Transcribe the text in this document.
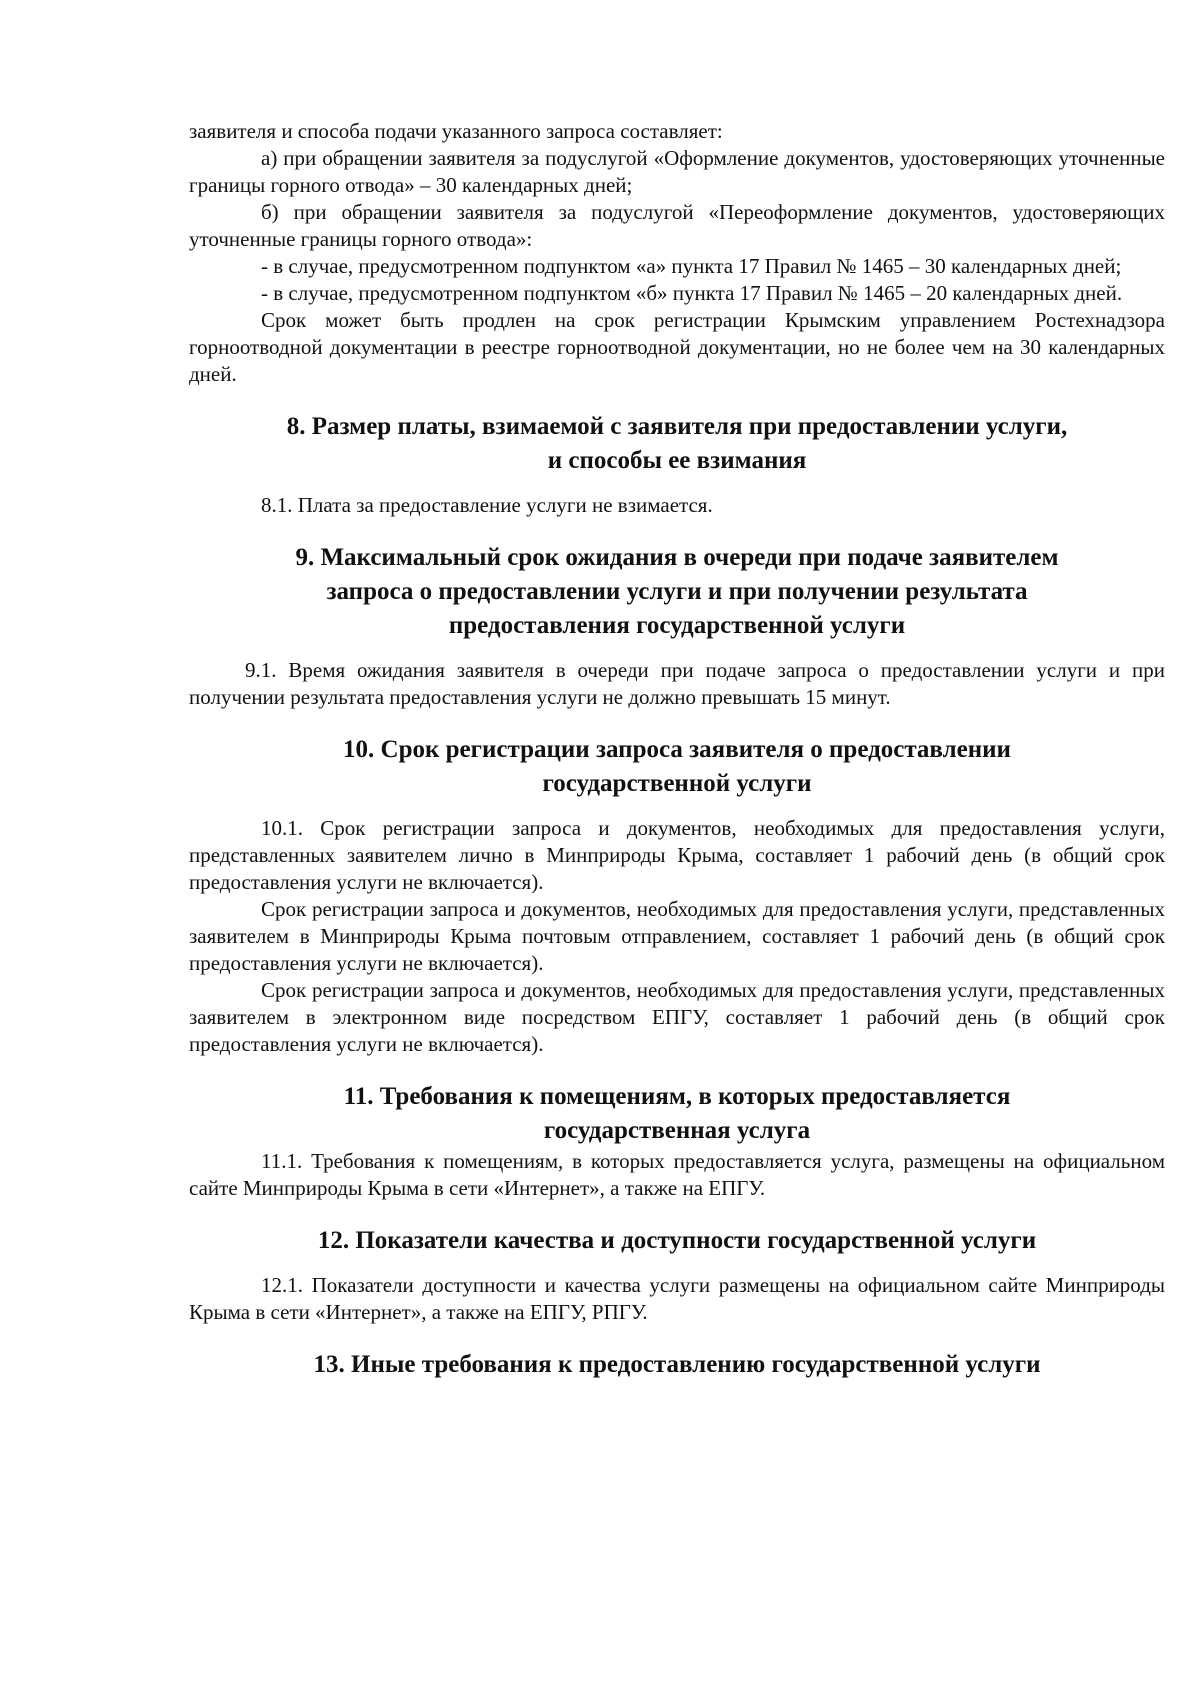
заявителя и способа подачи указанного запроса составляет:

а) при обращении заявителя за подуслугой «Оформление документов, удостоверяющих уточненные границы горного отвода» – 30 календарных дней;

б) при обращении заявителя за подуслугой «Переоформление документов, удостоверяющих уточненные границы горного отвода»:

- в случае, предусмотренном подпунктом «а» пункта 17 Правил № 1465 – 30 календарных дней;

- в случае, предусмотренном подпунктом «б» пункта 17 Правил № 1465 – 20 календарных дней.

Срок может быть продлен на срок регистрации Крымским управлением Ростехнадзора горноотводной документации в реестре горноотводной документации, но не более чем на 30 календарных дней.

8. Размер платы, взимаемой с заявителя при предоставлении услуги,
и способы ее взимания

8.1. Плата за предоставление услуги не взимается.

9. Максимальный срок ожидания в очереди при подаче заявителем
запроса о предоставлении услуги и при получении результата
предоставления государственной услуги

9.1. Время ожидания заявителя в очереди при подаче запроса о предоставлении услуги и при получении результата предоставления услуги не должно превышать 15 минут.

10. Срок регистрации запроса заявителя о предоставлении
государственной услуги

10.1. Срок регистрации запроса и документов, необходимых для предоставления услуги, представленных заявителем лично в Минприроды Крыма, составляет 1 рабочий день (в общий срок предоставления услуги не включается).

Срок регистрации запроса и документов, необходимых для предоставления услуги, представленных заявителем в Минприроды Крыма почтовым отправлением, составляет 1 рабочий день (в общий срок предоставления услуги не включается).

Срок регистрации запроса и документов, необходимых для предоставления услуги, представленных заявителем в электронном виде посредством ЕПГУ, составляет 1 рабочий день (в общий срок предоставления услуги не включается).

11. Требования к помещениям, в которых предоставляется
государственная услуга

11.1. Требования к помещениям, в которых предоставляется услуга, размещены на официальном сайте Минприроды Крыма в сети «Интернет», а также на ЕПГУ.

12. Показатели качества и доступности государственной услуги

12.1. Показатели доступности и качества услуги размещены на официальном сайте Минприроды Крыма в сети «Интернет», а также на ЕПГУ, РПГУ.

13. Иные требования к предоставлению государственной услуги
